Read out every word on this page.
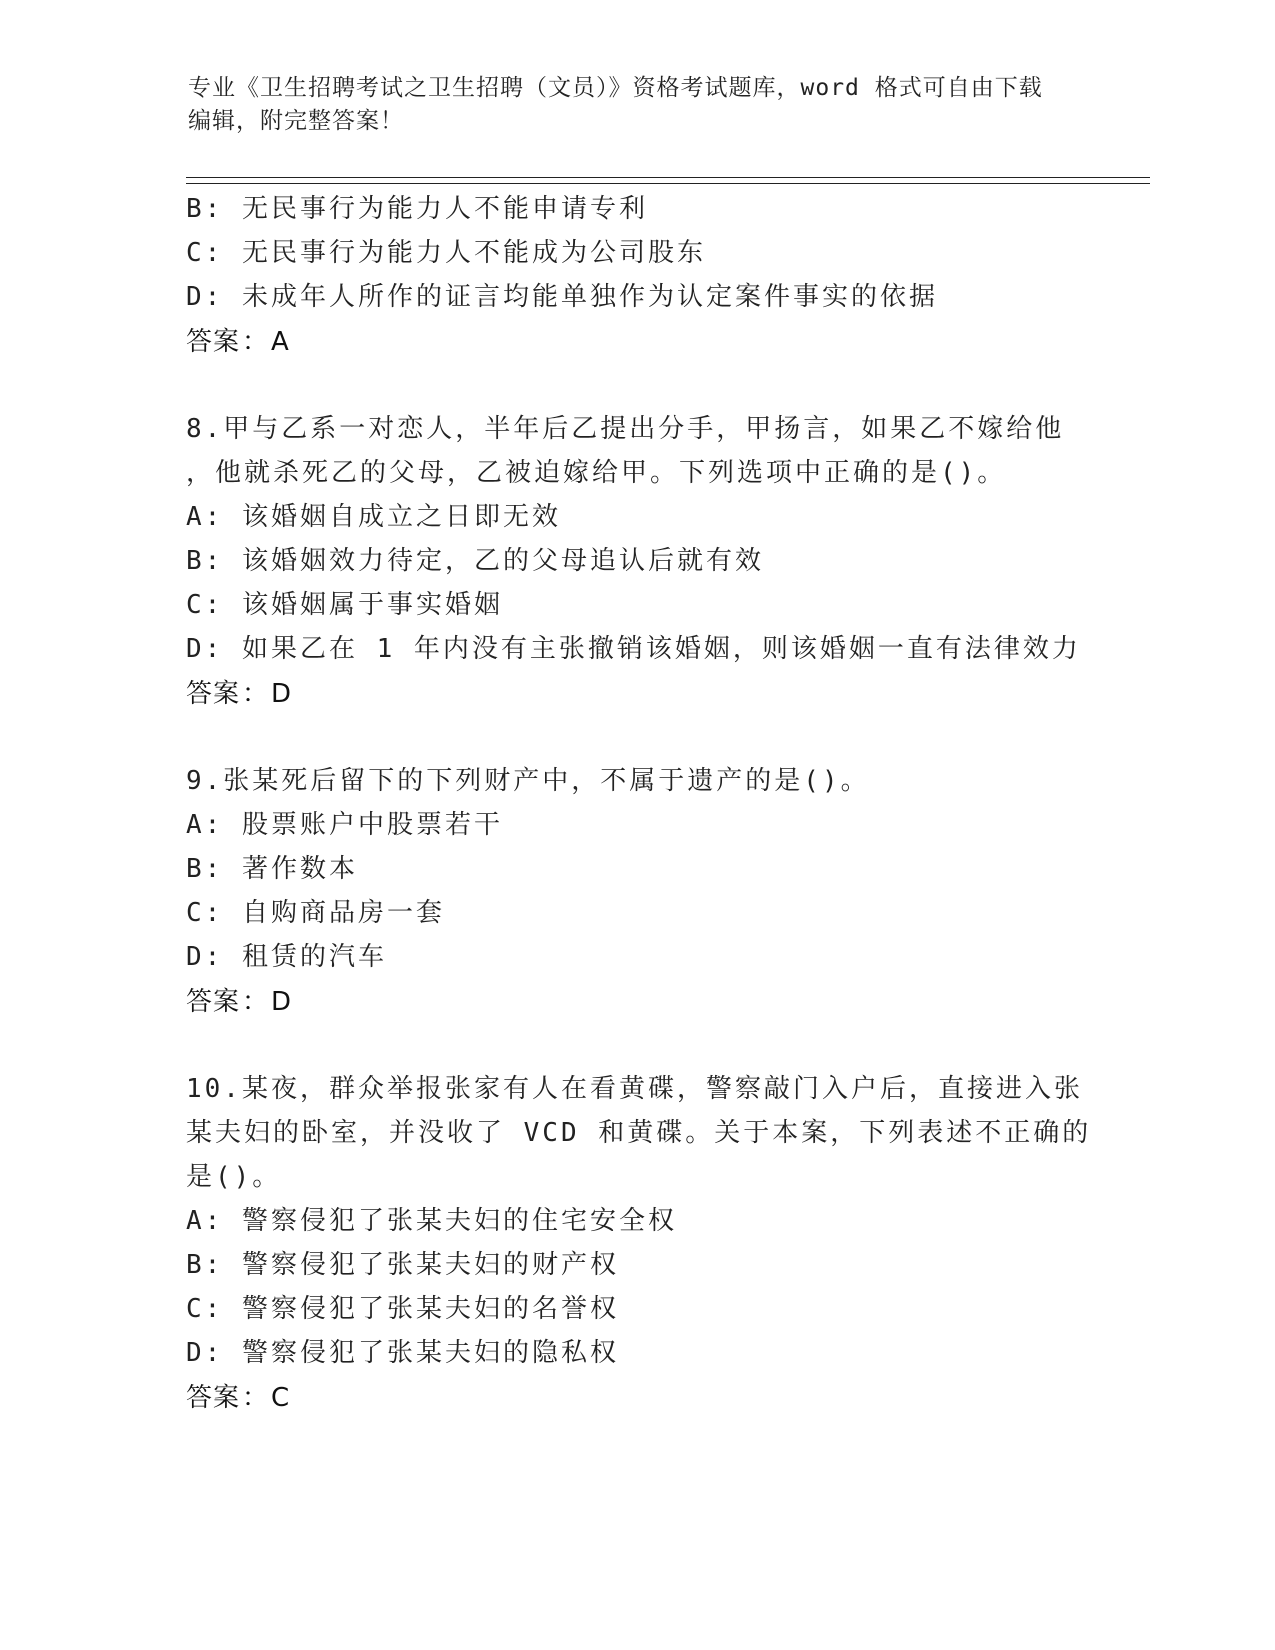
专业《卫生招聘考试之卫生招聘（文员）》资格考试题库，word 格式可自由下载
编辑，附完整答案！
B: 无民事行为能力人不能申请专利
C: 无民事行为能力人不能成为公司股东
D: 未成年人所作的证言均能单独作为认定案件事实的依据
答案：A
8.甲与乙系一对恋人，半年后乙提出分手，甲扬言，如果乙不嫁给他
，他就杀死乙的父母，乙被迫嫁给甲。下列选项中正确的是()。
A: 该婚姻自成立之日即无效
B: 该婚姻效力待定，乙的父母追认后就有效
C: 该婚姻属于事实婚姻
D: 如果乙在 1 年内没有主张撤销该婚姻，则该婚姻一直有法律效力
答案：D
9.张某死后留下的下列财产中，不属于遗产的是()。
A: 股票账户中股票若干
B: 著作数本
C: 自购商品房一套
D: 租赁的汽车
答案：D
10.某夜，群众举报张家有人在看黄碟，警察敲门入户后，直接进入张
某夫妇的卧室，并没收了 VCD 和黄碟。关于本案，下列表述不正确的
是()。
A: 警察侵犯了张某夫妇的住宅安全权
B: 警察侵犯了张某夫妇的财产权
C: 警察侵犯了张某夫妇的名誉权
D: 警察侵犯了张某夫妇的隐私权
答案：C
